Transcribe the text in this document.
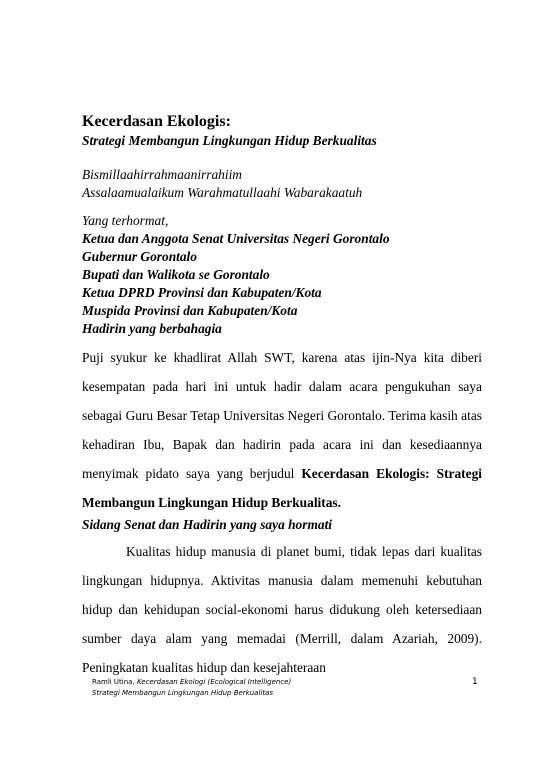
Kecerdasan Ekologis:
Strategi Membangun Lingkungan Hidup Berkualitas
Bismillaahirrahmaanirrahiim
Assalaamualaikum Warahmatullaahi Wabarakaatuh
Yang terhormat,
Ketua dan Anggota Senat Universitas Negeri Gorontalo
Gubernur Gorontalo
Bupati dan Walikota se Gorontalo
Ketua DPRD Provinsi dan Kabupaten/Kota
Muspida Provinsi dan Kabupaten/Kota
Hadirin yang berbahagia
Puji syukur ke khadlirat Allah SWT, karena atas ijin-Nya kita diberi kesempatan pada hari ini untuk hadir dalam acara pengukuhan saya sebagai Guru Besar Tetap Universitas Negeri Gorontalo. Terima kasih atas kehadiran Ibu, Bapak dan hadirin pada acara ini dan kesediaannya menyimak pidato saya yang berjudul Kecerdasan Ekologis: Strategi Membangun Lingkungan Hidup Berkualitas.
Sidang Senat dan Hadirin yang saya hormati
Kualitas hidup manusia di planet bumi, tidak lepas dari kualitas lingkungan hidupnya. Aktivitas manusia dalam memenuhi kebutuhan hidup dan kehidupan social-ekonomi harus didukung oleh ketersediaan sumber daya alam yang memadai (Merrill, dalam Azariah, 2009). Peningkatan kualitas hidup dan kesejahteraan
Ramli Utina, Kecerdasan Ekologi (Ecological Intelligence)
Strategi Membangun Lingkungan Hidup Berkualitas
1
